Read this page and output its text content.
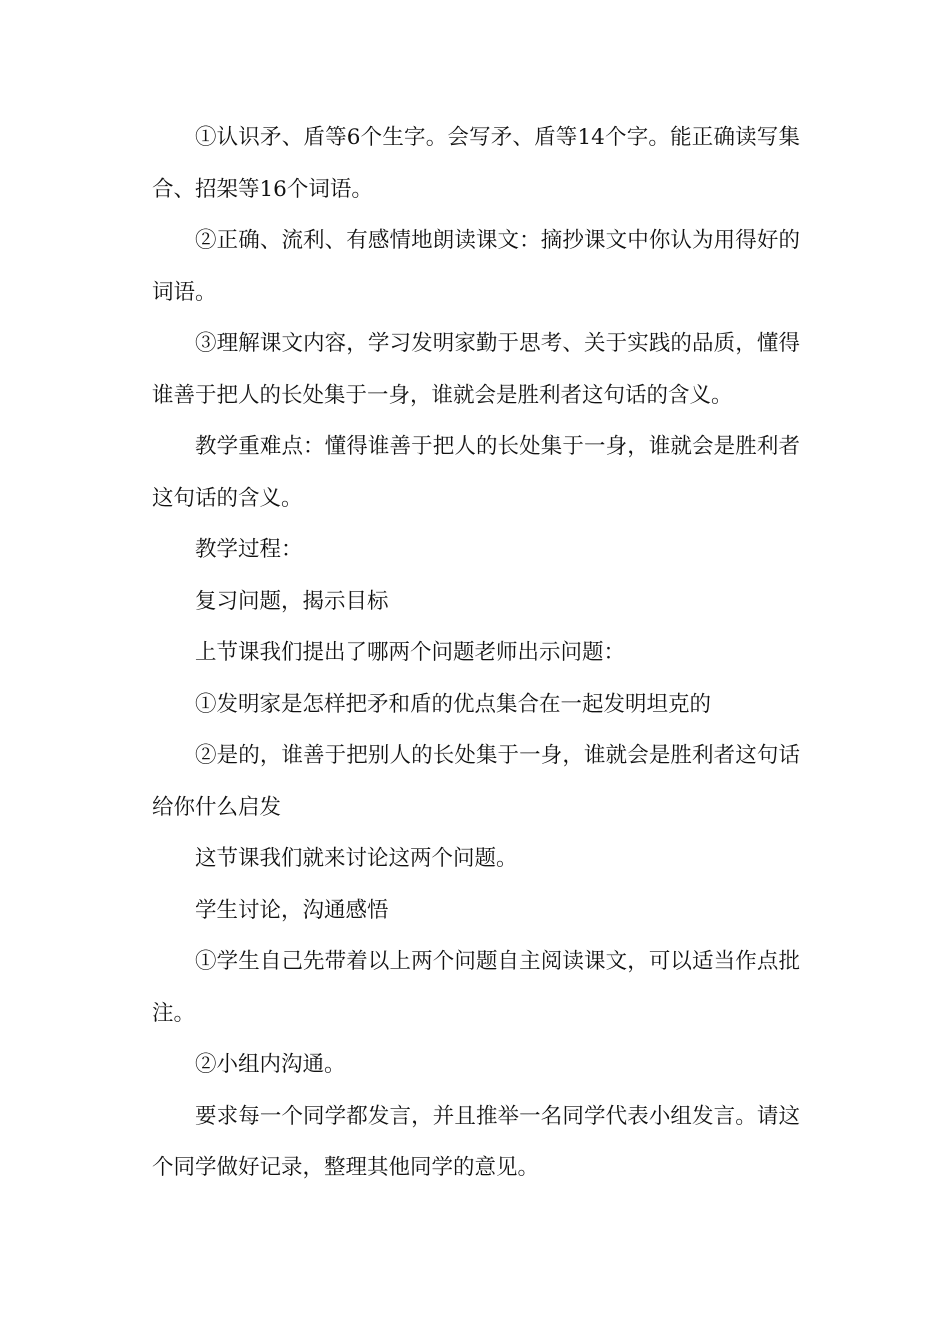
①认识矛、盾等6个生字。会写矛、盾等14个字。能正确读写集合、招架等16个词语。

②正确、流利、有感情地朗读课文：摘抄课文中你认为用得好的词语。

③理解课文内容，学习发明家勤于思考、关于实践的品质，懂得谁善于把人的长处集于一身，谁就会是胜利者这句话的含义。

教学重难点：懂得谁善于把人的长处集于一身，谁就会是胜利者这句话的含义。

教学过程：

复习问题，揭示目标

上节课我们提出了哪两个问题老师出示问题：

①发明家是怎样把矛和盾的优点集合在一起发明坦克的

②是的，谁善于把别人的长处集于一身，谁就会是胜利者这句话给你什么启发

这节课我们就来讨论这两个问题。

学生讨论，沟通感悟

①学生自己先带着以上两个问题自主阅读课文，可以适当作点批注。

②小组内沟通。

要求每一个同学都发言，并且推举一名同学代表小组发言。请这个同学做好记录，整理其他同学的意见。
